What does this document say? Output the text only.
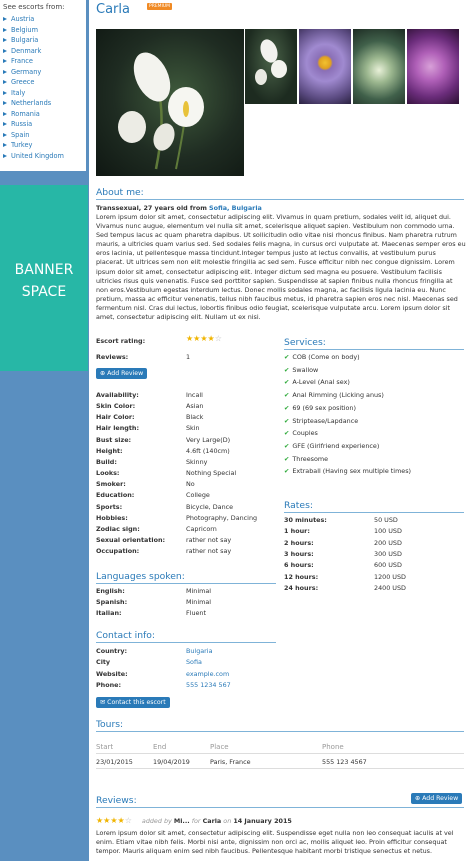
See escorts from:
Austria
Belgium
Bulgaria
Denmark
France
Germany
Greece
Italy
Netherlands
Romania
Russia
Spain
Turkey
United Kingdom
BANNER
SPACE
Carla	PREMIUM
About me:
Transsexual, 27 years old from Sofia, Bulgaria
Lorem ipsum dolor sit amet, consectetur adipiscing elit. Vivamus in quam pretium, sodales velit id, aliquet dui. Vivamus nunc augue, elementum vel nulla sit amet, scelerisque aliquet sapien. Vestibulum non commodo urna. Sed tempus lacus ac quam pharetra dapibus. Ut sollicitudin odio vitae nisi rhoncus finibus. Nam pharetra rutrum mauris, a ultricies quam varius sed. Sed sodales felis magna, in cursus orci vulputate at. Maecenas semper eros eu eros lacinia, ut pellentesque massa tincidunt.Integer tempus justo at lectus convallis, at vestibulum purus placerat. Ut ultrices sem non elit molestie fringilla ac sed sem. Fusce efficitur nibh nec congue dignissim. Lorem ipsum dolor sit amet, consectetur adipiscing elit. Integer dictum sed magna eu posuere. Vestibulum facilisis ultricies risus quis venenatis. Fusce sed porttitor sapien. Suspendisse at sapien finibus nulla rhoncus fringilla at non eros.Vestibulum egestas interdum lectus. Donec mollis sodales magna, ac facilisis ligula lacinia eu. Nunc pretium, massa ac efficitur venenatis, tellus nibh faucibus metus, id pharetra sapien eros nec nisl. Maecenas sed fermentum nisl. Cras dui lectus, lobortis finibus odio feugiat, scelerisque vulputate arcu. Lorem ipsum dolor sit amet, consectetur adipiscing elit. Nullam ut ex nisi.
Escort rating:	★★★★☆
Reviews:	1
⊕ Add Review
Availability:	Incall
Skin Color:	Asian
Hair Color:	Black
Hair length:	Skin
Bust size:	Very Large(D)
Height:	4.6ft (140cm)
Build:	Skinny
Looks:	Nothing Special
Smoker:	No
Education:	College
Sports:	Bicycle, Dance
Hobbies:	Photography, Dancing
Zodiac sign:	Capricorn
Sexual orientation:	rather not say
Occupation:	rather not say
Services:
✔ COB (Come on body)
✔ Swallow
✔ A-Level (Anal sex)
✔ Anal Rimming (Licking anus)
✔ 69 (69 sex position)
✔ Striptease/Lapdance
✔ Couples
✔ GFE (Girlfriend experience)
✔ Threesome
✔ Extraball (Having sex multiple times)
Rates:
30 minutes:	50 USD
1 hour:	100 USD
2 hours:	200 USD
3 hours:	300 USD
6 hours:	600 USD
12 hours:	1200 USD
24 hours:	2400 USD
Languages spoken:
English:	Minimal
Spanish:	Minimal
Italian:	Fluent
Contact info:
Country:	Bulgaria
City	Sofia
Website:	example.com
Phone:	555 1234 567
✉ Contact this escort
Tours:
Start	End	Place	Phone
23/01/2015	19/04/2019	Paris, France	555 123 4567
Reviews:	⊕ Add Review
★★★★☆ added by Mi... for Carla on 14 January 2015
Lorem ipsum dolor sit amet, consectetur adipiscing elit. Suspendisse eget nulla non leo consequat iaculis at vel enim. Etiam vitae nibh felis. Morbi nisi ante, dignissim non orci ac, mollis aliquet leo. Proin efficitur consequat tempor. Mauris aliquam enim sed nibh faucibus. Pellentesque habitant morbi tristique senectus et netus.
